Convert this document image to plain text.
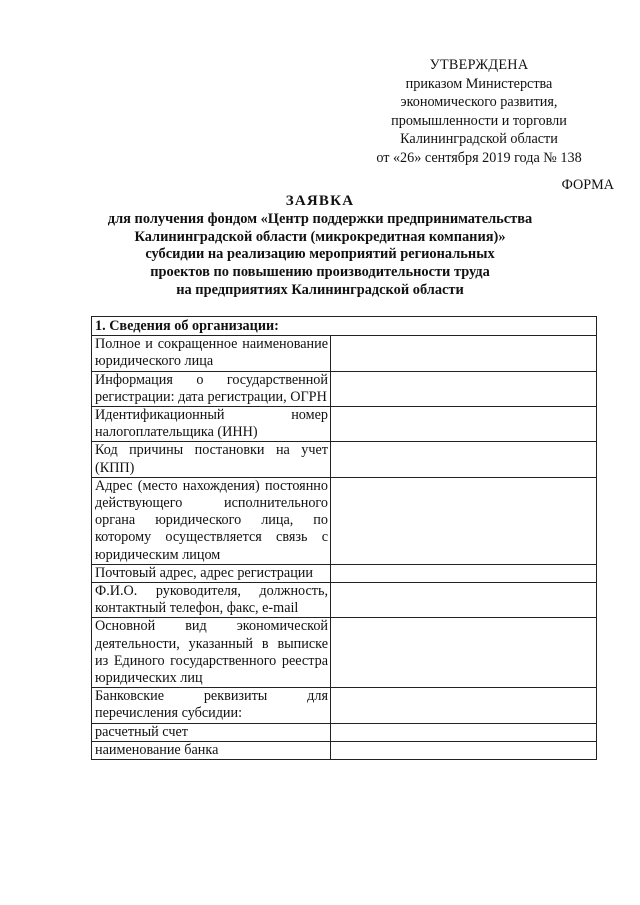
УТВЕРЖДЕНА
приказом Министерства
экономического развития,
промышленности и торговли
Калининградской области
от «26» сентября 2019 года № 138
ФОРМА
ЗАЯВКА
для получения фондом «Центр поддержки предпринимательства
Калининградской области (микрокредитная компания)»
субсидии на реализацию мероприятий региональных
проектов по повышению производительности труда
на предприятиях Калининградской области
1. Сведения об организации:	
Полное и сокращенное наименование юридического лица	
Информация о государственной регистрации: дата регистрации, ОГРН	
Идентификационный номер налогоплательщика (ИНН)	
Код причины постановки на учет (КПП)	
Адрес (место нахождения) постоянно действующего исполнительного органа юридического лица, по которому осуществляется связь с юридическим лицом	
Почтовый адрес, адрес регистрации	
Ф.И.О. руководителя, должность, контактный телефон, факс, e-mail	
Основной вид экономической деятельности, указанный в выписке из Единого государственного реестра юридических лиц	
Банковские реквизиты для перечисления субсидии:	
расчетный счет	
наименование банка	
